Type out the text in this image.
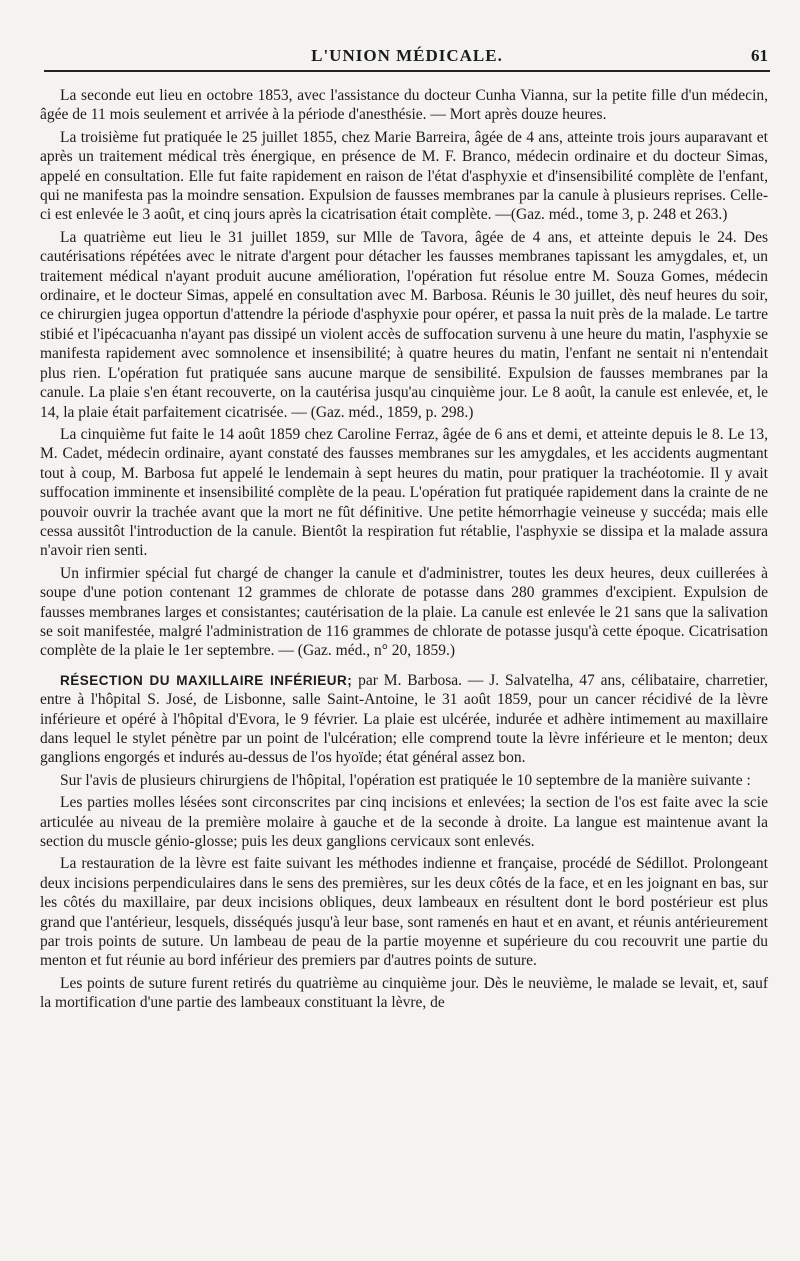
L'UNION MÉDICALE.	61

La seconde eut lieu en octobre 1853, avec l'assistance du docteur Cunha Vianna, sur la petite fille d'un médecin, âgée de 11 mois seulement et arrivée à la période d'anesthésie. — Mort après douze heures.

La troisième fut pratiquée le 25 juillet 1855, chez Marie Barreira, âgée de 4 ans, atteinte trois jours auparavant et après un traitement médical très énergique, en présence de M. F. Branco, médecin ordinaire et du docteur Simas, appelé en consultation. Elle fut faite rapidement en raison de l'état d'asphyxie et d'insensibilité complète de l'enfant, qui ne manifesta pas la moindre sensation. Expulsion de fausses membranes par la canule à plusieurs reprises. Celle-ci est enlevée le 3 août, et cinq jours après la cicatrisation était complète. —(Gaz. méd., tome 3, p. 248 et 263.)

La quatrième eut lieu le 31 juillet 1859, sur Mlle de Tavora, âgée de 4 ans, et atteinte depuis le 24. Des cautérisations répétées avec le nitrate d'argent pour détacher les fausses membranes tapissant les amygdales, et, un traitement médical n'ayant produit aucune amélioration, l'opération fut résolue entre M. Souza Gomes, médecin ordinaire, et le docteur Simas, appelé en consultation avec M. Barbosa. Réunis le 30 juillet, dès neuf heures du soir, ce chirurgien jugea opportun d'attendre la période d'asphyxie pour opérer, et passa la nuit près de la malade. Le tartre stibié et l'ipécacuanha n'ayant pas dissipé un violent accès de suffocation survenu à une heure du matin, l'asphyxie se manifesta rapidement avec somnolence et insensibilité; à quatre heures du matin, l'enfant ne sentait ni n'entendait plus rien. L'opération fut pratiquée sans aucune marque de sensibilité. Expulsion de fausses membranes par la canule. La plaie s'en étant recouverte, on la cautérisa jusqu'au cinquième jour. Le 8 août, la canule est enlevée, et, le 14, la plaie était parfaitement cicatrisée. — (Gaz. méd., 1859, p. 298.)

La cinquième fut faite le 14 août 1859 chez Caroline Ferraz, âgée de 6 ans et demi, et atteinte depuis le 8. Le 13, M. Cadet, médecin ordinaire, ayant constaté des fausses membranes sur les amygdales, et les accidents augmentant tout à coup, M. Barbosa fut appelé le lendemain à sept heures du matin, pour pratiquer la trachéotomie. Il y avait suffocation imminente et insensibilité complète de la peau. L'opération fut pratiquée rapidement dans la crainte de ne pouvoir ouvrir la trachée avant que la mort ne fût définitive. Une petite hémorrhagie veineuse y succéda; mais elle cessa aussitôt l'introduction de la canule. Bientôt la respiration fut rétablie, l'asphyxie se dissipa et la malade assura n'avoir rien senti.

Un infirmier spécial fut chargé de changer la canule et d'administrer, toutes les deux heures, deux cuillerées à soupe d'une potion contenant 12 grammes de chlorate de potasse dans 280 grammes d'excipient. Expulsion de fausses membranes larges et consistantes; cautérisation de la plaie. La canule est enlevée le 21 sans que la salivation se soit manifestée, malgré l'administration de 116 grammes de chlorate de potasse jusqu'à cette époque. Cicatrisation complète de la plaie le 1er septembre. — (Gaz. méd., n° 20, 1859.)

RÉSECTION DU MAXILLAIRE INFÉRIEUR; par M. Barbosa. — J. Salvatelha, 47 ans, célibataire, charretier, entre à l'hôpital S. José, de Lisbonne, salle Saint-Antoine, le 31 août 1859, pour un cancer récidivé de la lèvre inférieure et opéré à l'hôpital d'Evora, le 9 février. La plaie est ulcérée, indurée et adhère intimement au maxillaire dans lequel le stylet pénètre par un point de l'ulcération; elle comprend toute la lèvre inférieure et le menton; deux ganglions engorgés et indurés au-dessus de l'os hyoïde; état général assez bon.

Sur l'avis de plusieurs chirurgiens de l'hôpital, l'opération est pratiquée le 10 septembre de la manière suivante :

Les parties molles lésées sont circonscrites par cinq incisions et enlevées; la section de l'os est faite avec la scie articulée au niveau de la première molaire à gauche et de la seconde à droite. La langue est maintenue avant la section du muscle génio-glosse; puis les deux ganglions cervicaux sont enlevés.

La restauration de la lèvre est faite suivant les méthodes indienne et française, procédé de Sédillot. Prolongeant deux incisions perpendiculaires dans le sens des premières, sur les deux côtés de la face, et en les joignant en bas, sur les côtés du maxillaire, par deux incisions obliques, deux lambeaux en résultent dont le bord postérieur est plus grand que l'antérieur, lesquels, disséqués jusqu'à leur base, sont ramenés en haut et en avant, et réunis antérieurement par trois points de suture. Un lambeau de peau de la partie moyenne et supérieure du cou recouvrit une partie du menton et fut réunie au bord inférieur des premiers par d'autres points de suture.

Les points de suture furent retirés du quatrième au cinquième jour. Dès le neuvième, le malade se levait, et, sauf la mortification d'une partie des lambeaux constituant la lèvre, de
